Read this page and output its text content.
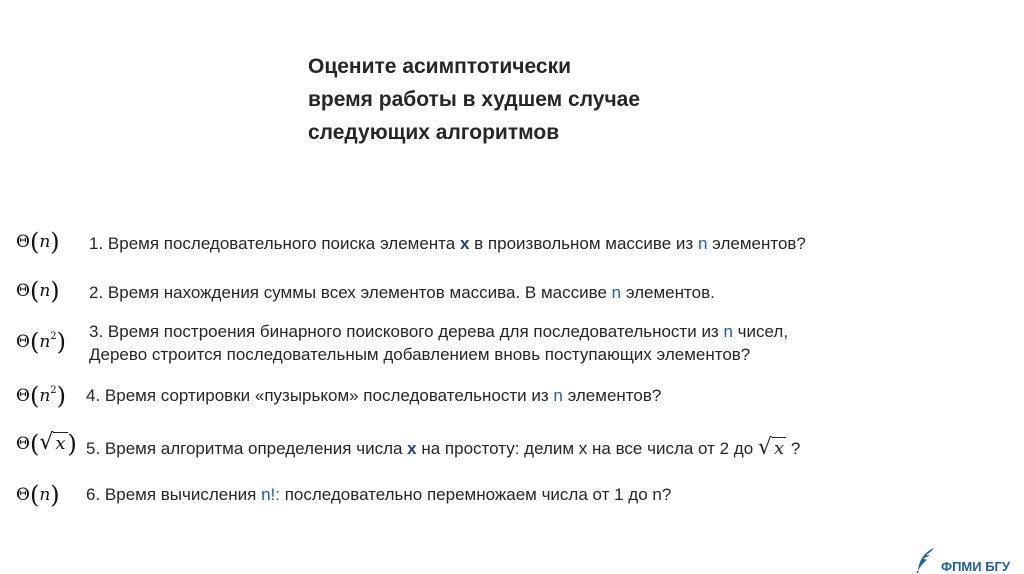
Оцените асимптотически
время работы в худшем случае
следующих алгоритмов
Θ(n) 1. Время последовательного поиска элемента x в произвольном массиве из n элементов?
Θ(n) 2. Время нахождения суммы всех элементов массива. В массиве n элементов.
$\Theta(n^2)$ 3. Время построения бинарного поискового дерева для последовательности из n чисел,
Дерево строится последовательным добавлением вновь поступающих элементов?
$\Theta(n^2)$ 4. Время сортировки «пузырьком» последовательности из n элементов?
Θ(√ x) 5. Время алгоритма определения числа x на простоту: делим x на все числа от 2 до √ x ?
Θ(n) 6. Время вычисления n!: последовательно перемножаем числа от 1 до n?
ФПМИ БГУ
